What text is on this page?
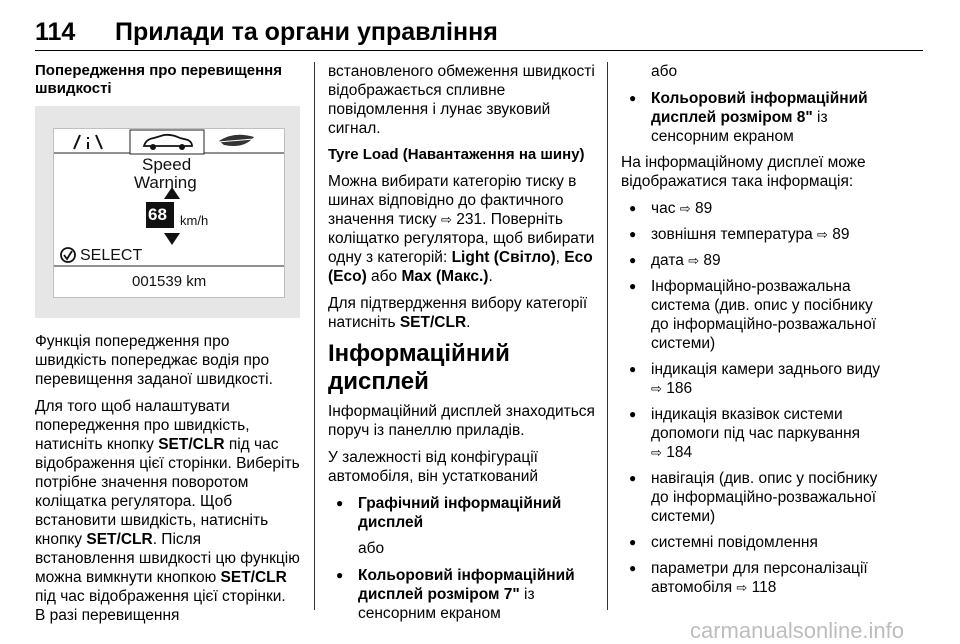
114 Прилади та органи управління
Попередження про перевищення
швидкості
Speed
Warning
68 km/h
SELECT
001539 km

Функція попередження про швидкість попереджає водія про перевищення заданої швидкості.

Для того щоб налаштувати попередження про швидкість, натисніть кнопку SET/CLR під час відображення цієї сторінки. Виберіть потрібне значення поворотом коліщатка регулятора. Щоб встановити швидкість, натисніть кнопку SET/CLR. Після встановлення швидкості цю функцію можна вимкнути кнопкою SET/CLR під час відображення цієї сторінки. В разі перевищення

встановленого обмеження швидкості відображається спливне повідомлення і лунає звуковий сигнал.

Tyre Load (Навантаження на шину)

Можна вибирати категорію тиску в шинах відповідно до фактичного значення тиску ⇨ 231. Поверніть коліщатко регулятора, щоб вибирати одну з категорій: Light (Світло), Eco (Eco) або Max (Макс.).

Для підтвердження вибору категорії натисніть SET/CLR.

Інформаційний дисплей

Інформаційний дисплей знаходиться поруч із панеллю приладів.

У залежності від конфігурації автомобіля, він устаткований

● Графічний інформаційний дисплей
або
● Кольоровий інформаційний дисплей розміром 7" із сенсорним екраном
або
● Кольоровий інформаційний дисплей розміром 8" із сенсорним екраном

На інформаційному дисплеї може відображатися така інформація:

● час ⇨ 89
● зовнішня температура ⇨ 89
● дата ⇨ 89
● Інформаційно-розважальна система (див. опис у посібнику до інформаційно-розважальної системи)
● індикація камери заднього виду ⇨ 186
● індикація вказівок системи допомоги під час паркування ⇨ 184
● навігація (див. опис у посібнику до інформаційно-розважальної системи)
● системні повідомлення
● параметри для персоналізації автомобіля ⇨ 118
carmanualsonline.info
